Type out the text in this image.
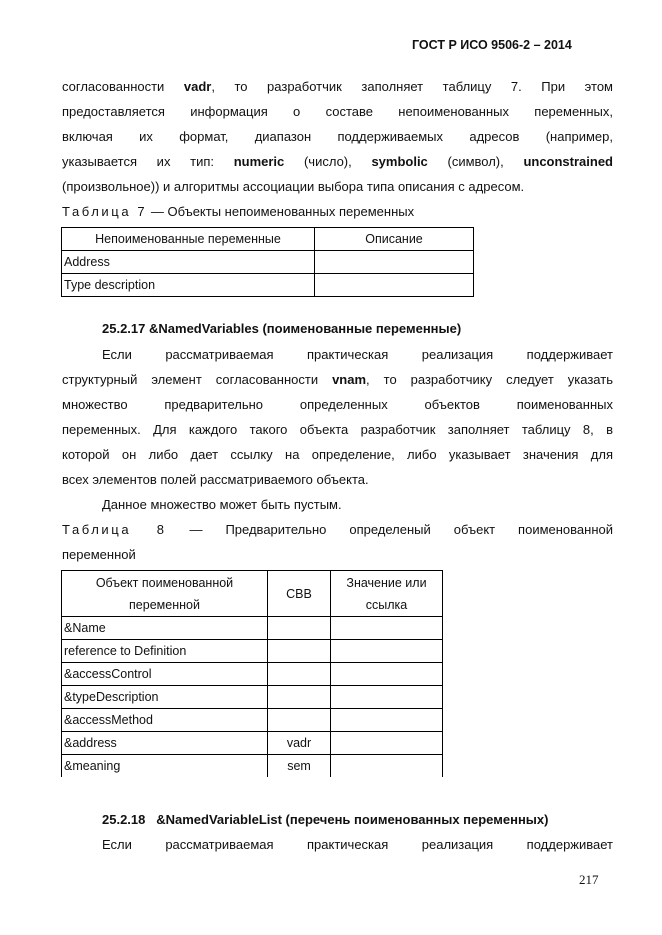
ГОСТ Р ИСО 9506-2 – 2014
согласованности vadr, то разработчик заполняет таблицу 7. При этом
предоставляется информация о составе непоименованных переменных,
включая их формат, диапазон поддерживаемых адресов (например,
указывается их тип: numeric (число), symbolic (символ), unconstrained
(произвольное)) и алгоритмы ассоциации выбора типа описания с адресом.
Таблица 7 — Объекты непоименованных переменных
Непоименованные переменные	Описание
Address	
Type description	
25.2.17 &NamedVariables (поименованные переменные)
Если рассматриваемая практическая реализация поддерживает
структурный элемент согласованности vnam, то разработчику следует указать
множество предварительно определенных объектов поименованных
переменных. Для каждого такого объекта разработчик заполняет таблицу 8, в
которой он либо дает ссылку на определение, либо указывает значения для
всех элементов полей рассматриваемого объекта.
Данное множество может быть пустым.
Таблица 8 — Предварительно определеный объект поименованной
переменной
Объект поименованной
переменной	СВВ	Значение или
ссылка
&Name		
reference to Definition		
&accessControl		
&typeDescription		
&accessMethod		
&address	vadr	
&meaning	sem	
25.2.18 &NamedVariableList (перечень поименованных переменных)
Если рассматриваемая практическая реализация поддерживает
217
